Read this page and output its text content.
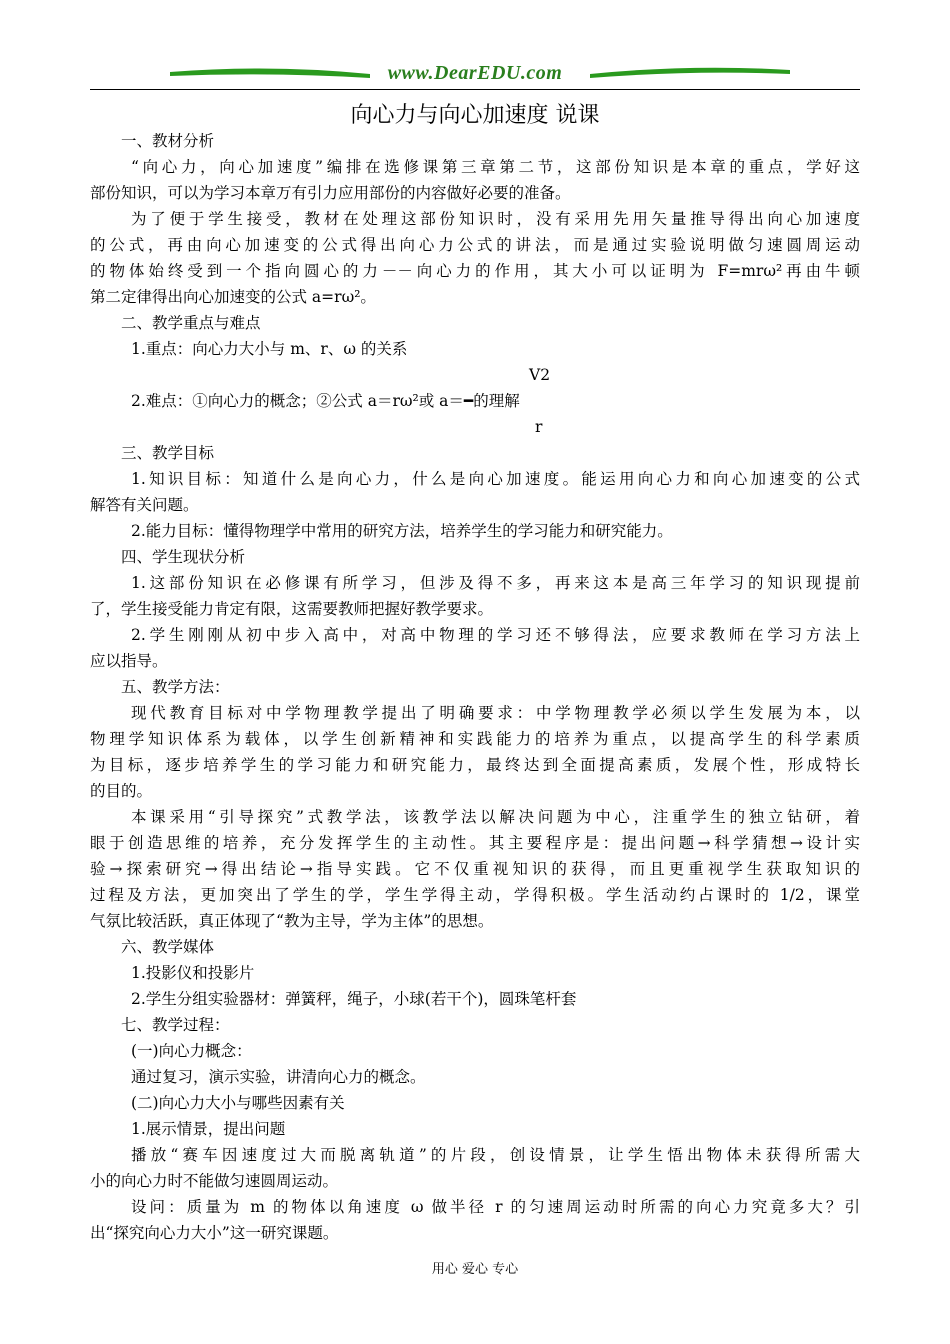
www.DearEDU.com
向心力与向心加速度 说课
一、教材分析
“向心力，向心加速度”编排在选修课第三章第二节，这部份知识是本章的重点，学好这
部份知识，可以为学习本章万有引力应用部份的内容做好必要的准备。
为了便于学生接受，教材在处理这部份知识时，没有采用先用矢量推导得出向心加速度
的公式，再由向心加速变的公式得出向心力公式的讲法，而是通过实验说明做匀速圆周运动
的物体始终受到一个指向圆心的力－－向心力的作用，其大小可以证明为 F=mrω²再由牛顿
第二定律得出向心加速变的公式 a=rω²。
二、教学重点与难点
1.重点：向心力大小与 m、r、ω 的关系
V2
2.难点：①向心力的概念；②公式 a＝rω²或 a＝━的理解
r
三、教学目标
1.知识目标：知道什么是向心力，什么是向心加速度。能运用向心力和向心加速变的公式
解答有关问题。
2.能力目标：懂得物理学中常用的研究方法，培养学生的学习能力和研究能力。
四、学生现状分析
1.这部份知识在必修课有所学习，但涉及得不多，再来这本是高三年学习的知识现提前
了，学生接受能力肯定有限，这需要教师把握好教学要求。
2.学生刚刚从初中步入高中，对高中物理的学习还不够得法，应要求教师在学习方法上
应以指导。
五、教学方法：
现代教育目标对中学物理教学提出了明确要求：中学物理教学必须以学生发展为本，以
物理学知识体系为载体，以学生创新精神和实践能力的培养为重点，以提高学生的科学素质
为目标，逐步培养学生的学习能力和研究能力，最终达到全面提高素质，发展个性，形成特长
的目的。
本课采用“引导探究”式教学法，该教学法以解决问题为中心，注重学生的独立钻研，着
眼于创造思维的培养，充分发挥学生的主动性。其主要程序是：提出问题→科学猜想→设计实
验→探索研究→得出结论→指导实践。它不仅重视知识的获得，而且更重视学生获取知识的
过程及方法，更加突出了学生的学，学生学得主动，学得积极。学生活动约占课时的 1/2，课堂
气氛比较活跃，真正体现了“教为主导，学为主体”的思想。
六、教学媒体
1.投影仪和投影片
2.学生分组实验器材：弹簧秤，绳子，小球(若干个)，圆珠笔杆套
七、教学过程：
(一)向心力概念：
通过复习，演示实验，讲清向心力的概念。
(二)向心力大小与哪些因素有关
1.展示情景，提出问题
播放“赛车因速度过大而脱离轨道”的片段，创设情景，让学生悟出物体未获得所需大
小的向心力时不能做匀速圆周运动。
设问：质量为 m 的物体以角速度 ω 做半径 r 的匀速周运动时所需的向心力究竟多大？引
出“探究向心力大小”这一研究课题。
用心 爱心 专心
